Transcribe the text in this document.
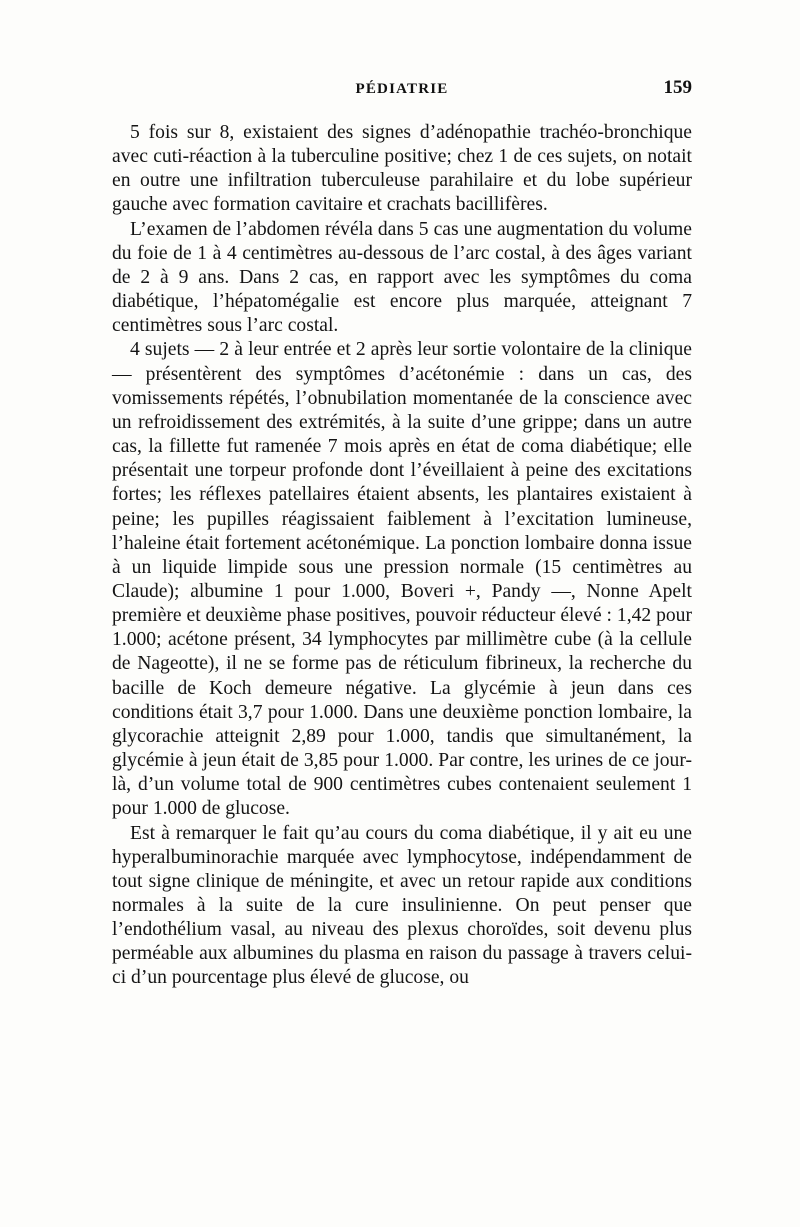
PÉDIATRIE	159

5 fois sur 8, existaient des signes d’adénopathie trachéo-bronchique avec cuti-réaction à la tuberculine positive; chez 1 de ces sujets, on notait en outre une infiltration tuberculeuse parahilaire et du lobe supérieur gauche avec formation cavitaire et crachats bacillifères.

L’examen de l’abdomen révéla dans 5 cas une augmentation du volume du foie de 1 à 4 centimètres au-dessous de l’arc costal, à des âges variant de 2 à 9 ans. Dans 2 cas, en rapport avec les symptômes du coma diabétique, l’hépatomégalie est encore plus marquée, atteignant 7 centimètres sous l’arc costal.

4 sujets — 2 à leur entrée et 2 après leur sortie volontaire de la clinique — présentèrent des symptômes d’acétonémie : dans un cas, des vomissements répétés, l’obnubilation momentanée de la conscience avec un refroidissement des extrémités, à la suite d’une grippe; dans un autre cas, la fillette fut ramenée 7 mois après en état de coma diabétique; elle présentait une torpeur profonde dont l’éveillaient à peine des excitations fortes; les réflexes patellaires étaient absents, les plantaires existaient à peine; les pupilles réagissaient faiblement à l’excitation lumineuse, l’haleine était fortement acétonémique. La ponction lombaire donna issue à un liquide limpide sous une pression normale (15 centimètres au Claude); albumine 1 pour 1.000, Boveri +, Pandy —, Nonne Apelt première et deuxième phase positives, pouvoir réducteur élevé : 1,42 pour 1.000; acétone présent, 34 lymphocytes par millimètre cube (à la cellule de Nageotte), il ne se forme pas de réticulum fibrineux, la recherche du bacille de Koch demeure négative. La glycémie à jeun dans ces conditions était 3,7 pour 1.000. Dans une deuxième ponction lombaire, la glycorachie atteignit 2,89 pour 1.000, tandis que simultanément, la glycémie à jeun était de 3,85 pour 1.000. Par contre, les urines de ce jour-là, d’un volume total de 900 centimètres cubes contenaient seulement 1 pour 1.000 de glucose.

Est à remarquer le fait qu’au cours du coma diabétique, il y ait eu une hyperalbuminorachie marquée avec lymphocytose, indépendamment de tout signe clinique de méningite, et avec un retour rapide aux conditions normales à la suite de la cure insulinienne. On peut penser que l’endothélium vasal, au niveau des plexus choroïdes, soit devenu plus perméable aux albumines du plasma en raison du passage à travers celui-ci d’un pourcentage plus élevé de glucose, ou
